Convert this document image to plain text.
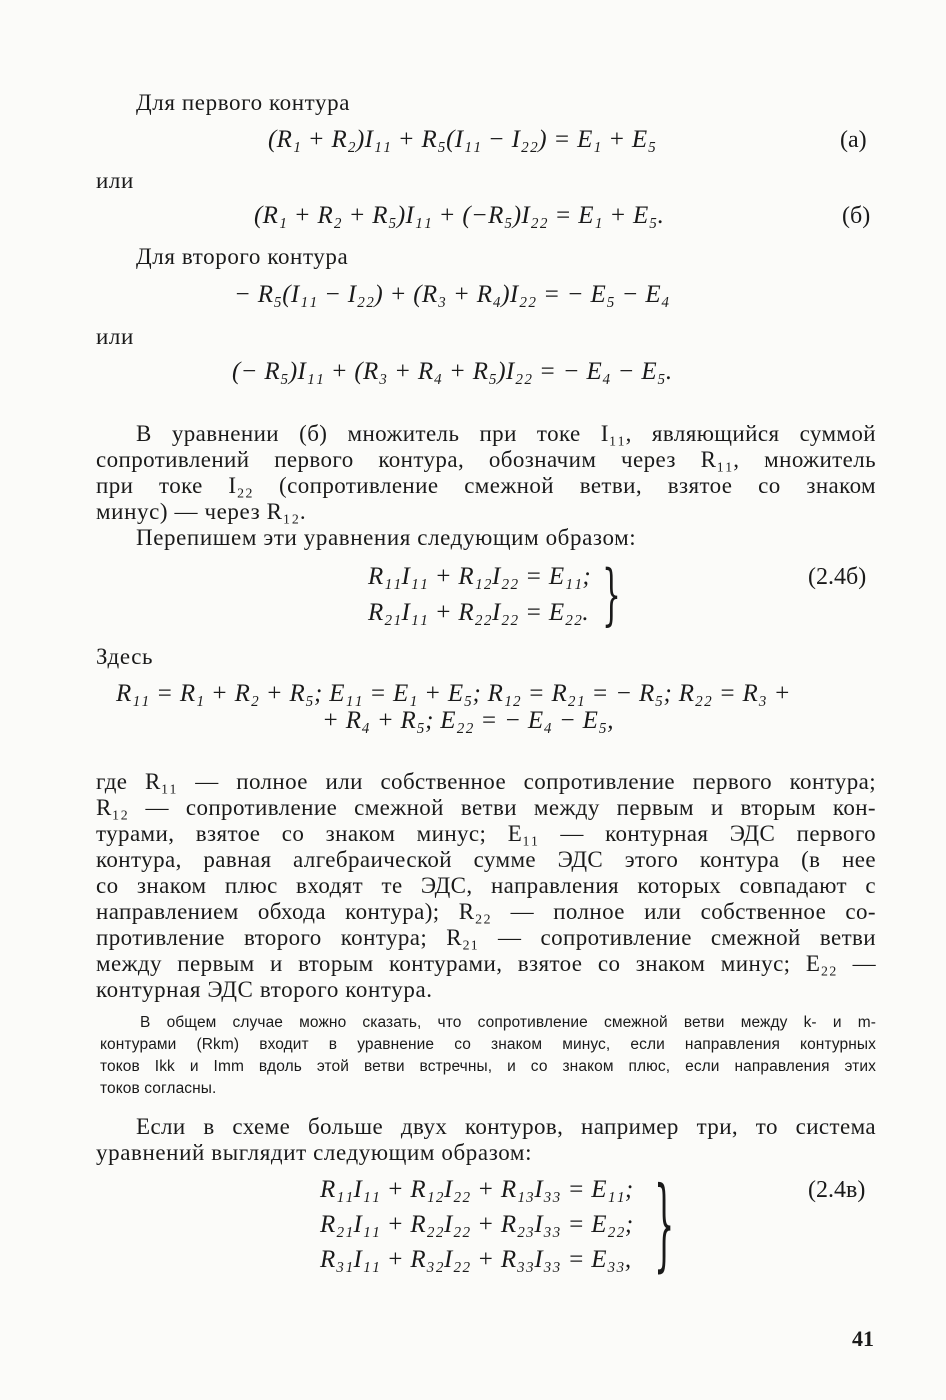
Для первого контура
(R₁ + R₂)I₁₁ + R₅(I₁₁ − I₂₂) = E₁ + E₅	(а)
или
(R₁ + R₂ + R₅)I₁₁ + (−R₅)I₂₂ = E₁ + E₅.	(б)
Для второго контура
− R₅(I₁₁ − I₂₂) + (R₃ + R₄)I₂₂ = − E₅ − E₄
или
(− R₅)I₁₁ + (R₃ + R₄ + R₅)I₂₂ = − E₄ − E₅.
В уравнении (б) множитель при токе I₁₁, являющийся суммой
сопротивлений первого контура, обозначим через R₁₁, множитель
при токе I₂₂ (сопротивление смежной ветви, взятое со знаком
минус) — через R₁₂.
Перепишем эти уравнения следующим образом:
R₁₁I₁₁ + R₁₂I₂₂ = E₁₁;
R₂₁I₁₁ + R₂₂I₂₂ = E₂₂. }	(2.4б)
Здесь
R₁₁ = R₁ + R₂ + R₅; E₁₁ = E₁ + E₅; R₁₂ = R₂₁ = − R₅; R₂₂ = R₃ +
+ R₄ + R₅; E₂₂ = − E₄ − E₅,
где R₁₁ — полное или собственное сопротивление первого контура;
R₁₂ — сопротивление смежной ветви между первым и вторым кон-
турами, взятое со знаком минус; E₁₁ — контурная ЭДС первого
контура, равная алгебраической сумме ЭДС этого контура (в нее
со знаком плюс входят те ЭДС, направления которых совпадают с
направлением обхода контура); R₂₂ — полное или собственное со-
противление второго контура; R₂₁ — сопротивление смежной ветви
между первым и вторым контурами, взятое со знаком минус; E₂₂ —
контурная ЭДС второго контура.
В общем случае можно сказать, что сопротивление смежной ветви между k- и m-
контурами (Rkm) входит в уравнение со знаком минус, если направления контурных
токов Ikk и Imm вдоль этой ветви встречны, и со знаком плюс, если направления этих
токов согласны.
Если в схеме больше двух контуров, например три, то система
уравнений выглядит следующим образом:
R₁₁I₁₁ + R₁₂I₂₂ + R₁₃I₃₃ = E₁₁;
R₂₁I₁₁ + R₂₂I₂₂ + R₂₃I₃₃ = E₂₂;
R₃₁I₁₁ + R₃₂I₂₂ + R₃₃I₃₃ = E₃₃, }	(2.4в)
41
